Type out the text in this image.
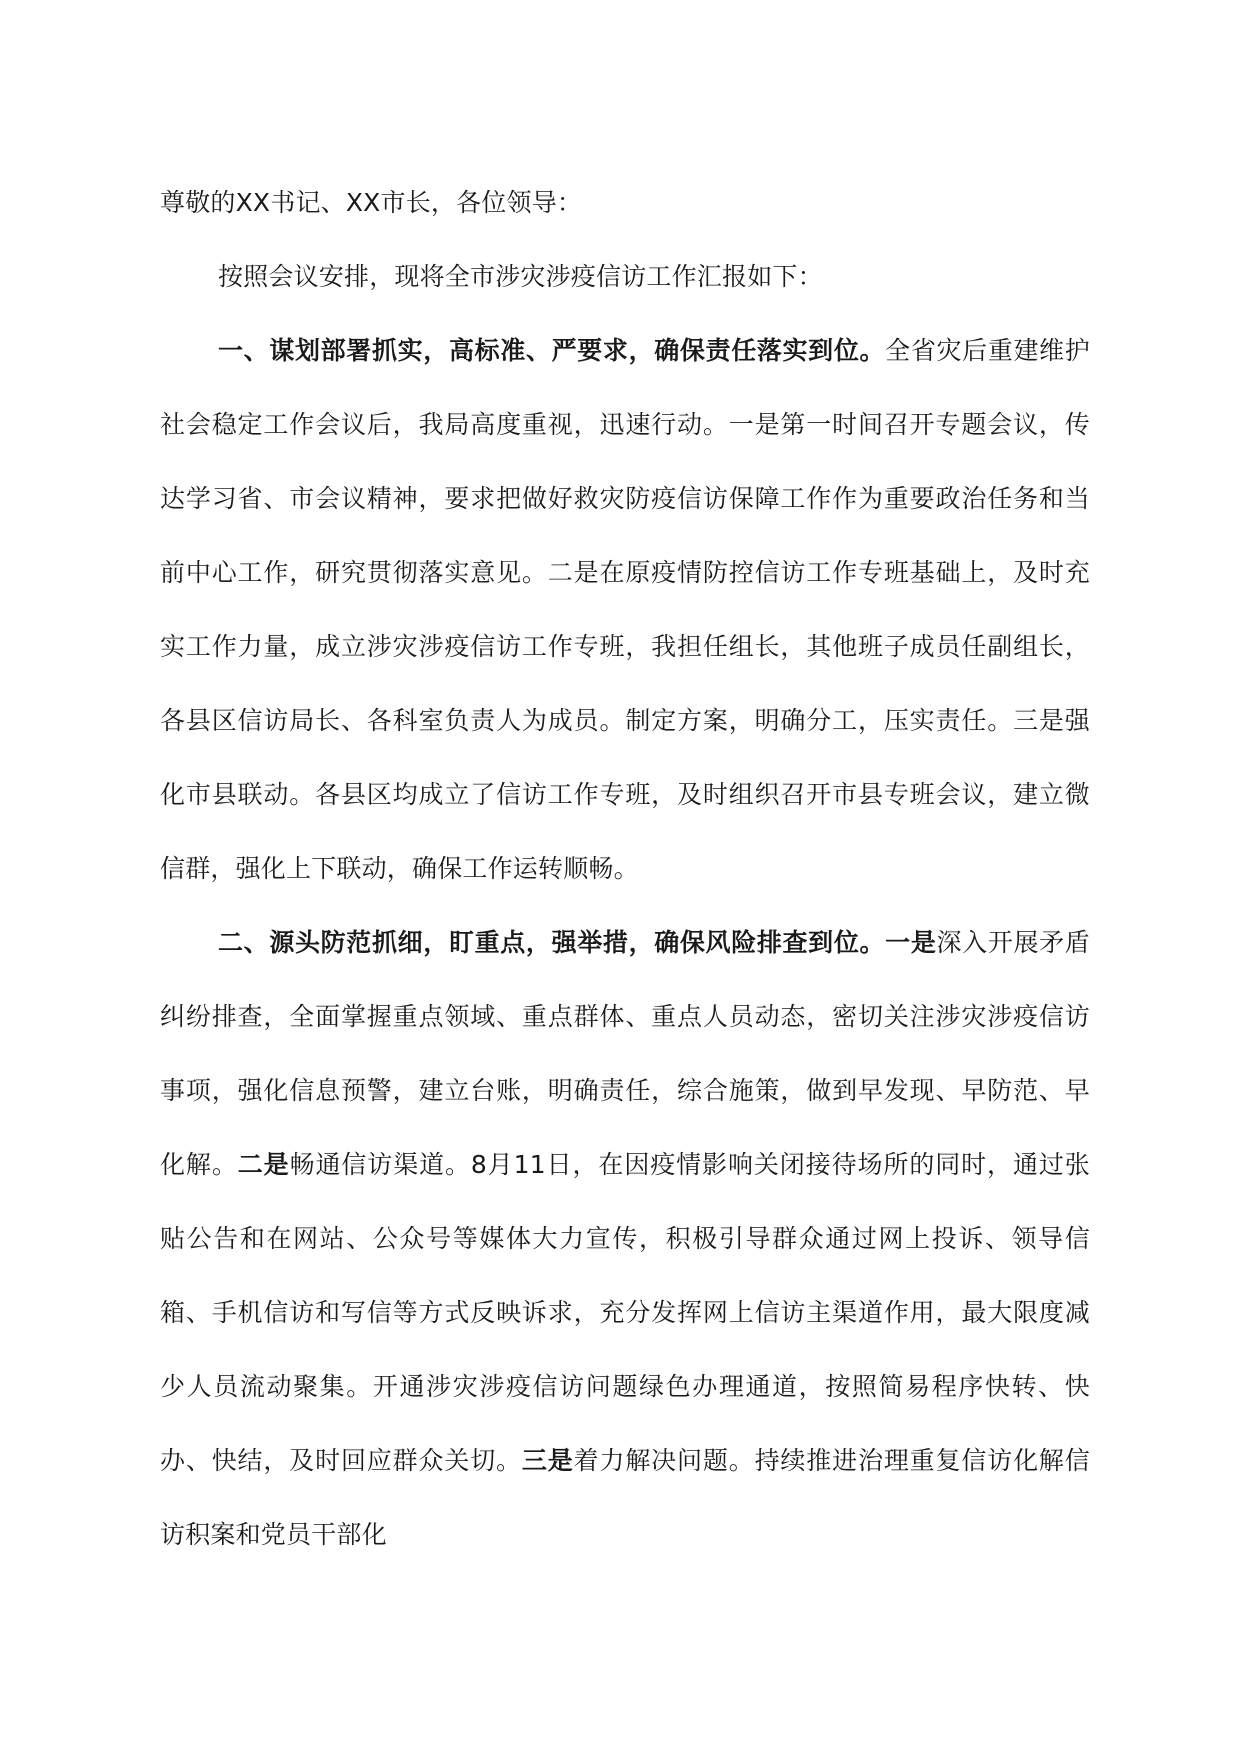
尊敬的XX书记、XX市长，各位领导：

按照会议安排，现将全市涉灾涉疫信访工作汇报如下：

一、谋划部署抓实，高标准、严要求，确保责任落实到位。全省灾后重建维护社会稳定工作会议后，我局高度重视，迅速行动。一是第一时间召开专题会议，传达学习省、市会议精神，要求把做好救灾防疫信访保障工作作为重要政治任务和当前中心工作，研究贯彻落实意见。二是在原疫情防控信访工作专班基础上，及时充实工作力量，成立涉灾涉疫信访工作专班，我担任组长，其他班子成员任副组长，各县区信访局长、各科室负责人为成员。制定方案，明确分工，压实责任。三是强化市县联动。各县区均成立了信访工作专班，及时组织召开市县专班会议，建立微信群，强化上下联动，确保工作运转顺畅。

二、源头防范抓细，盯重点，强举措，确保风险排查到位。一是深入开展矛盾纠纷排查，全面掌握重点领域、重点群体、重点人员动态，密切关注涉灾涉疫信访事项，强化信息预警，建立台账，明确责任，综合施策，做到早发现、早防范、早化解。二是畅通信访渠道。8月11日，在因疫情影响关闭接待场所的同时，通过张贴公告和在网站、公众号等媒体大力宣传，积极引导群众通过网上投诉、领导信箱、手机信访和写信等方式反映诉求，充分发挥网上信访主渠道作用，最大限度减少人员流动聚集。开通涉灾涉疫信访问题绿色办理通道，按照简易程序快转、快办、快结，及时回应群众关切。三是着力解决问题。持续推进治理重复信访化解信访积案和党员干部化
